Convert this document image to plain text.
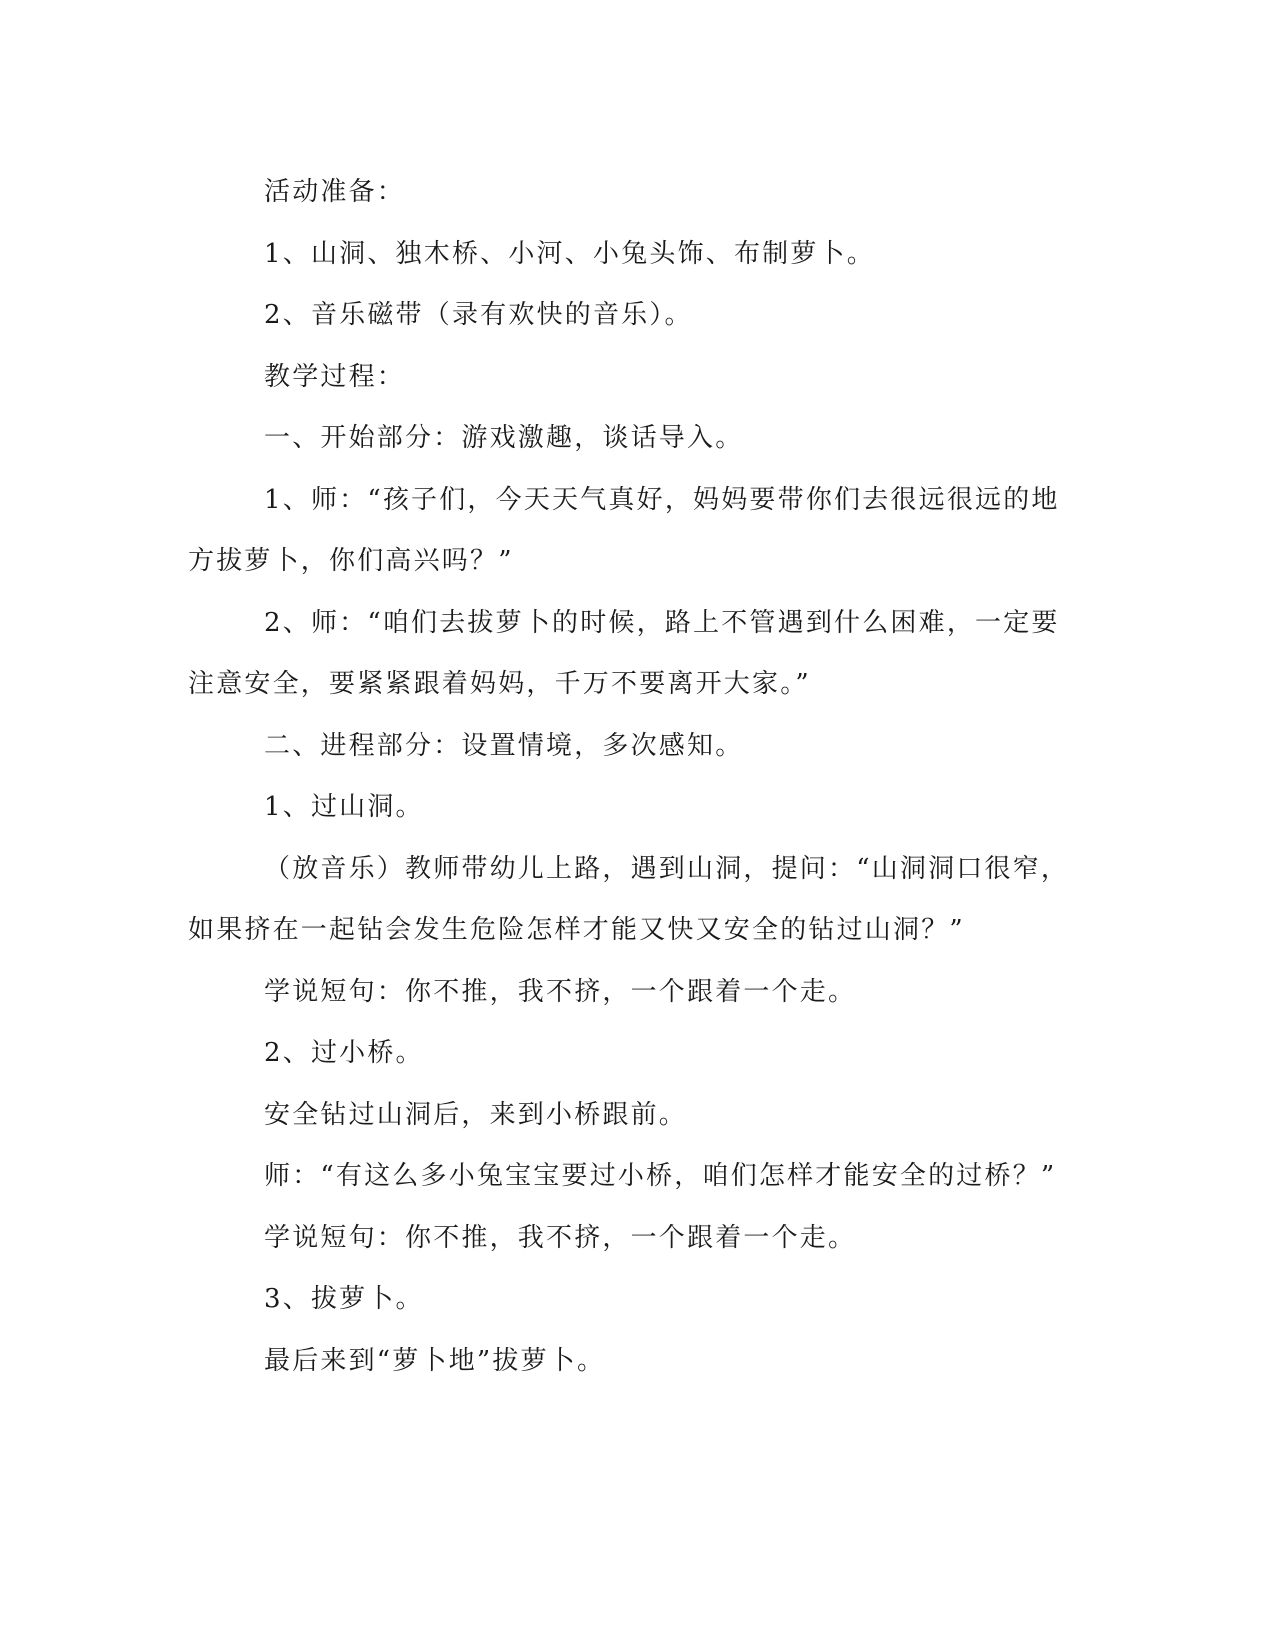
活动准备：

1、山洞、独木桥、小河、小兔头饰、布制萝卜。

2、音乐磁带（录有欢快的音乐）。

教学过程：

一、开始部分：游戏激趣，谈话导入。

1、师：“孩子们，今天天气真好，妈妈要带你们去很远很远的地方拔萝卜，你们高兴吗？”

2、师：“咱们去拔萝卜的时候，路上不管遇到什么困难，一定要注意安全，要紧紧跟着妈妈，千万不要离开大家。”

二、进程部分：设置情境，多次感知。

1、过山洞。

（放音乐）教师带幼儿上路，遇到山洞，提问：“山洞洞口很窄，如果挤在一起钻会发生危险怎样才能又快又安全的钻过山洞？”

学说短句：你不推，我不挤，一个跟着一个走。

2、过小桥。

安全钻过山洞后，来到小桥跟前。

师：“有这么多小兔宝宝要过小桥，咱们怎样才能安全的过桥？”

学说短句：你不推，我不挤，一个跟着一个走。

3、拔萝卜。

最后来到“萝卜地”拔萝卜。
